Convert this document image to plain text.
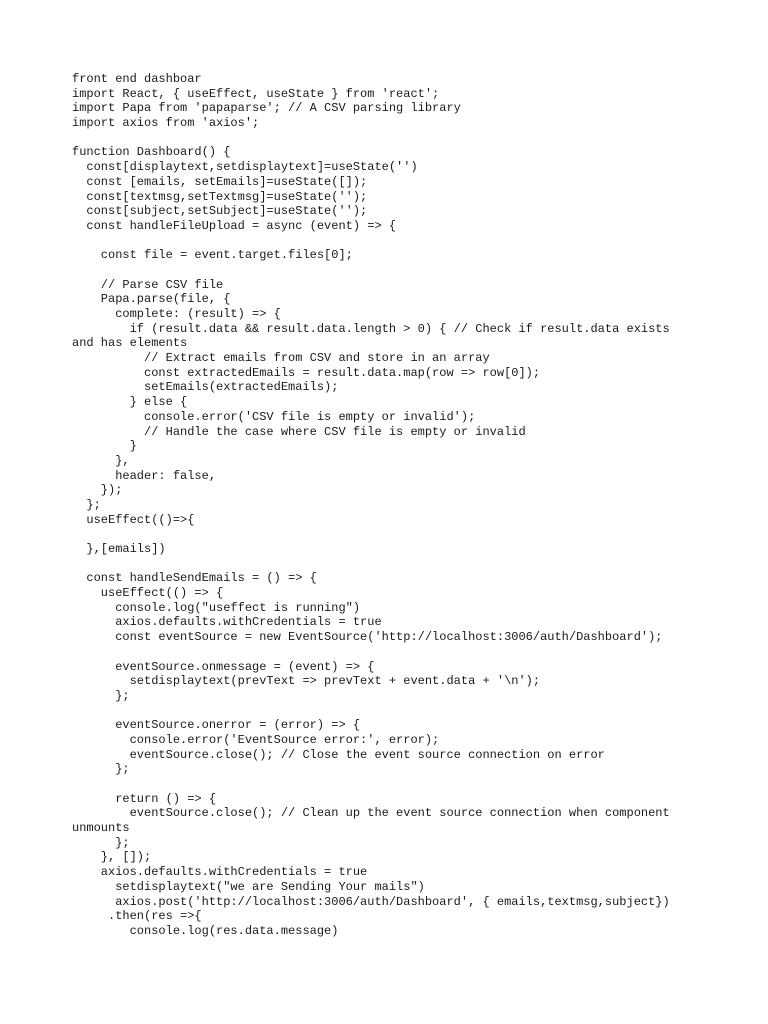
front end dashboar
import React, { useEffect, useState } from 'react';
import Papa from 'papaparse'; // A CSV parsing library
import axios from 'axios';
function Dashboard() {
const[displaytext,setdisplaytext]=useState('')
const [emails, setEmails]=useState([]);
const[textmsg,setTextmsg]=useState('');
const[subject,setSubject]=useState('');
const handleFileUpload = async (event) => {
const file = event.target.files[0];
// Parse CSV file
Papa.parse(file, {
complete: (result) => {
if (result.data && result.data.length > 0) { // Check if result.data exists
and has elements
// Extract emails from CSV and store in an array
const extractedEmails = result.data.map(row => row[0]);
setEmails(extractedEmails);
} else {
console.error('CSV file is empty or invalid');
// Handle the case where CSV file is empty or invalid
}
},
header: false,
});
};
useEffect(()=>{
},[emails])
const handleSendEmails = () => {
useEffect(() => {
console.log("useffect is running")
axios.defaults.withCredentials = true
const eventSource = new EventSource('http://localhost:3006/auth/Dashboard');
eventSource.onmessage = (event) => {
setdisplaytext(prevText => prevText + event.data + '\n');
};
eventSource.onerror = (error) => {
console.error('EventSource error:', error);
eventSource.close(); // Close the event source connection on error
};
return () => {
eventSource.close(); // Clean up the event source connection when component
unmounts
};
}, []);
axios.defaults.withCredentials = true
setdisplaytext("we are Sending Your mails")
axios.post('http://localhost:3006/auth/Dashboard', { emails,textmsg,subject})
.then(res =>{
console.log(res.data.message)
